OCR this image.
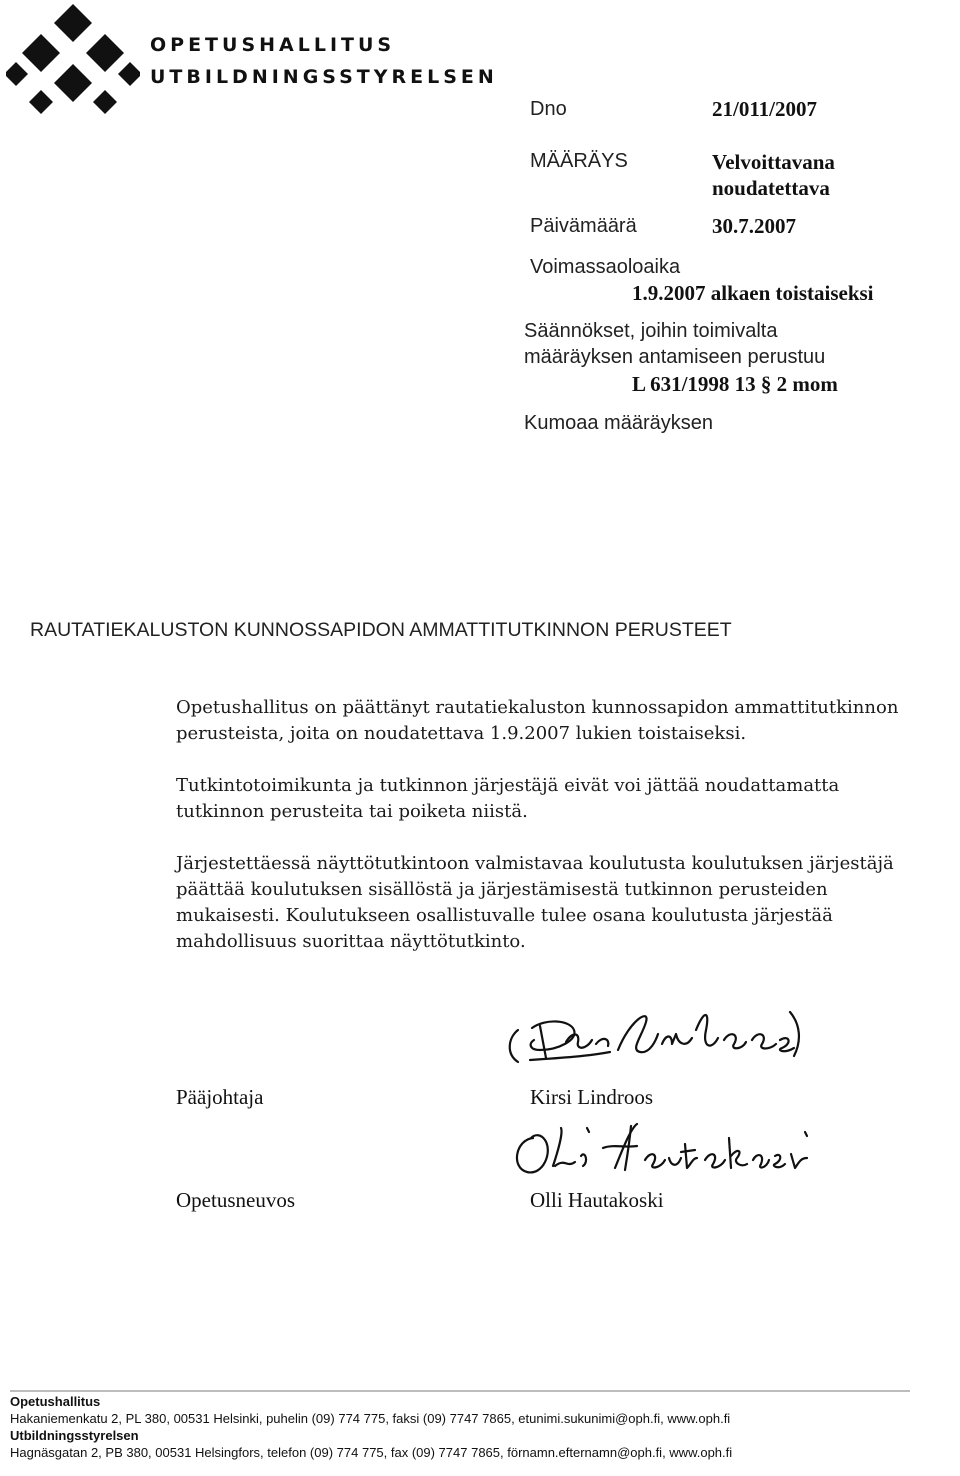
OPETUSHALLITUS
UTBILDNINGSSTYRELSEN
Dno	21/011/2007
MÄÄRÄYS	Velvoittavana
noudatettava
Päivämäärä	30.7.2007
Voimassaoloaika
1.9.2007 alkaen toistaiseksi
Säännökset, joihin toimivalta
määräyksen antamiseen perustuu
L 631/1998 13 § 2 mom
Kumoaa määräyksen
RAUTATIEKALUSTON KUNNOSSAPIDON AMMATTITUTKINNON PERUSTEET
Opetushallitus on päättänyt rautatiekaluston kunnossapidon ammattitutkinnon
perusteista, joita on noudatettava 1.9.2007 lukien toistaiseksi.
Tutkintotoimikunta ja tutkinnon järjestäjä eivät voi jättää noudattamatta
tutkinnon perusteita tai poiketa niistä.
Järjestettäessä näyttötutkintoon valmistavaa koulutusta koulutuksen järjestäjä
päättää koulutuksen sisällöstä ja järjestämisestä tutkinnon perusteiden
mukaisesti. Koulutukseen osallistuvalle tulee osana koulutusta järjestää
mahdollisuus suorittaa näyttötutkinto.
Pääjohtaja	Kirsi Lindroos
Opetusneuvos	Olli Hautakoski
Opetushallitus
Hakaniemenkatu 2, PL 380, 00531 Helsinki, puhelin (09) 774 775, faksi (09) 7747 7865, etunimi.sukunimi@oph.fi, www.oph.fi
Utbildningsstyrelsen
Hagnäsgatan 2, PB 380, 00531 Helsingfors, telefon (09) 774 775, fax (09) 7747 7865, förnamn.efternamn@oph.fi, www.oph.fi
